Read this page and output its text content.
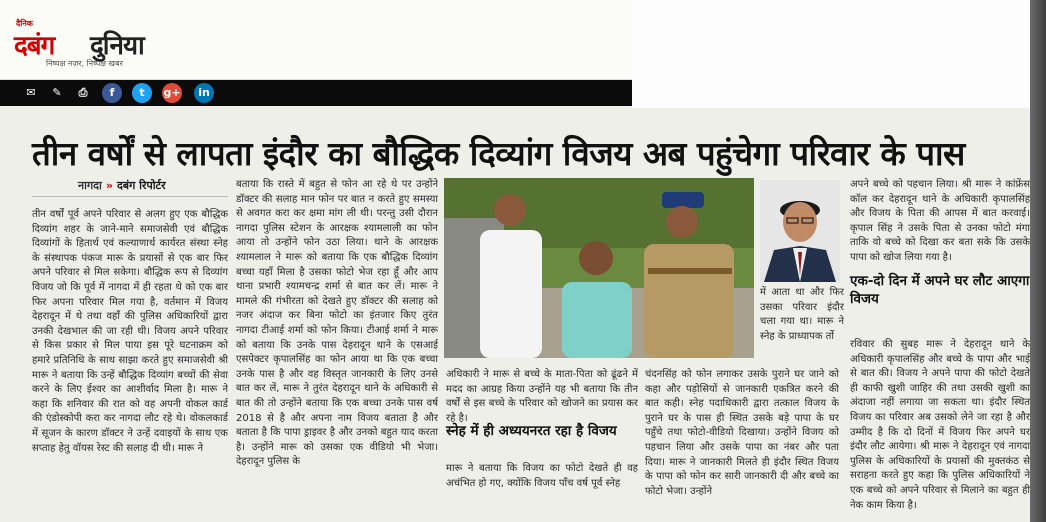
दैनिक
दबंग दुनिया
निष्पक्ष नज़र, निष्पक्ष खबर
✉	✎	⎙	f	t	g+	in
तीन वर्षों से लापता इंदौर का बौद्धिक दिव्यांग विजय अब पहुंचेगा परिवार के पास
नागदा » दबंग रिपोर्टर

तीन वर्षों पूर्व अपने परिवार से अलग हुए एक बौद्धिक दिव्यांग शहर के जाने-माने समाजसेवी एवं बौद्धिक दिव्यांगों के हितार्थ एवं कल्याणार्थ कार्यरत संस्था स्नेह के संस्थापक पंकज मारू के प्रयासों से एक बार फिर अपने परिवार से मिल सकेगा। बौद्धिक रूप से दिव्यांग विजय जो कि पूर्व में नागदा में ही रहता थे को एक बार फिर अपना परिवार मिल गया है, वर्तमान में विजय देहरादून में थे तथा वहाँ की पुलिस अधिकारियों द्वारा उनकी देखभाल की जा रही थी। विजय अपने परिवार से किस प्रकार से मिल पाया इस पूरे घटनाक्रम को हमारे प्रतिनिधि के साथ साझा करते हुए समाजसेवी श्री मारू ने बताया कि उन्हें बौद्धिक दिव्यांग बच्चों की सेवा करने के लिए ईश्वर का आशीर्वाद मिला है। मारू ने कहा कि शनिवार की रात को वह अपनी वोकल कार्ड की एंडोस्कोपी करा कर नागदा लौट रहे थे। वोकलकार्ड में सूजन के कारण डॉक्टर ने उन्हें दवाइयों के साथ एक सप्ताह हेतु वॉयस रेस्ट की सलाह दी थी। मारू ने

बताया कि रास्ते में बहुत से फोन आ रहे थे पर उन्होंने डॉक्टर की सलाह मान फोन पर बात न करते हुए समस्या से अवगत करा कर क्षमा मांग ली थी। परन्तु उसी दौरान नागदा पुलिस स्टेशन के आरक्षक श्यामलाली का फोन आया तो उन्होंने फोन उठा लिया। थाने के आरक्षक श्यामलाल ने मारू को बताया कि एक बौद्धिक दिव्यांग बच्चा यहाँ मिला है उसका फोटो भेज रहा हूँ और आप थाना प्रभारी श्यामचन्द्र शर्मा से बात कर लें। मारू ने मामले की गंभीरता को देखते हुए डॉक्टर की सलाह को नजर अंदाज कर बिना फोटो का इंतजार किए तुरंत नागदा टीआई शर्मा को फोन किया। टीआई शर्मा ने मारू को बताया कि उनके पास देहरादून थाने के एसआई एसपेक्टर कृपालसिंह का फोन आया था कि एक बच्चा उनके पास है और वह विस्तृत जानकारी के लिए उनसे बात कर लें, मारू ने तुरंत देहरादून थाने के अधिकारी से बात की तो उन्होंने बताया कि एक बच्चा उनके पास वर्ष 2018 से है और अपना नाम विजय बताता है और बताता है कि पापा ड्राइवर है और उनको बहुत याद करता है। उन्होंने मारू को उसका एक वीडियो भी भेजा। देहरादून पुलिस के

में आता था और फिर उसका परिवार इंदौर चला गया था। मारू ने स्नेह के प्राध्यापक र्तो

अधिकारी ने मारू से बच्चे के माता-पिता को ढूंढने में मदद का आग्रह किया उन्होंने यह भी बताया कि तीन वर्षों से इस बच्चे के परिवार को खोजने का प्रयास कर रहे है।

मारू ने बताया कि विजय का फोटो देखते ही वह अचंभित हो गए, क्योंकि विजय पाँच वर्ष पूर्व स्नेह

स्नेह में ही अध्ययनरत रहा है विजय

चंदनसिंह को फोन लगाकर उसके पुराने घर जाने को कहा और पड़ोसियों से जानकारी एकत्रित करने की बात कही। स्नेह पदाधिकारी द्वारा तत्काल विजय के पुराने घर के पास ही स्थित उसके बड़े पापा के घर पहुँचे तथा फोटो-वीडियो दिखाया। उन्होंने विजय को पहचान लिया और उसके पापा का नंबर और पता दिया। मारू ने जानकारी मिलते ही इंदौर स्थित विजय के पापा को फोन कर सारी जानकारी दी और बच्चे का फोटो भेजा। उन्होंने

अपने बच्चे को पहचान लिया। श्री मारू ने कांफ्रेंस कॉल कर देहरादून थाने के अधिकारी कृपालसिंह और विजय के पिता की आपस में बात करवाई। कृपाल सिंह ने उसके पिता से उनका फोटो मंगा ताकि वो बच्चे को दिखा कर बता सके कि उसके पापा को खोज लिया गया है।

एक-दो दिन में अपने घर लौट आएगा विजय

रविवार की सुबह मारू ने देहरादून थाने के अधिकारी कृपालसिंह और बच्चे के पापा और भाई से बात की। विजय ने अपने पापा की फोटो देखते ही काफी खुशी जाहिर की तथा उसकी खुशी का अंदाजा नहीं लगाया जा सकता था। इंदौर स्थित विजय का परिवार अब उसको लेने जा रहा है और उम्मीद है कि दो दिनों में विजय फिर अपने घर इंदौर लौट आयेगा। श्री मारू ने देहरादून एवं नागदा पुलिस के अधिकारियों के प्रयासों की मुक्तकंठ से सराहना करते हुए कहा कि पुलिस अधिकारियों ने एक बच्चे को अपने परिवार से मिलाने का बहुत ही नेक काम किया है।
